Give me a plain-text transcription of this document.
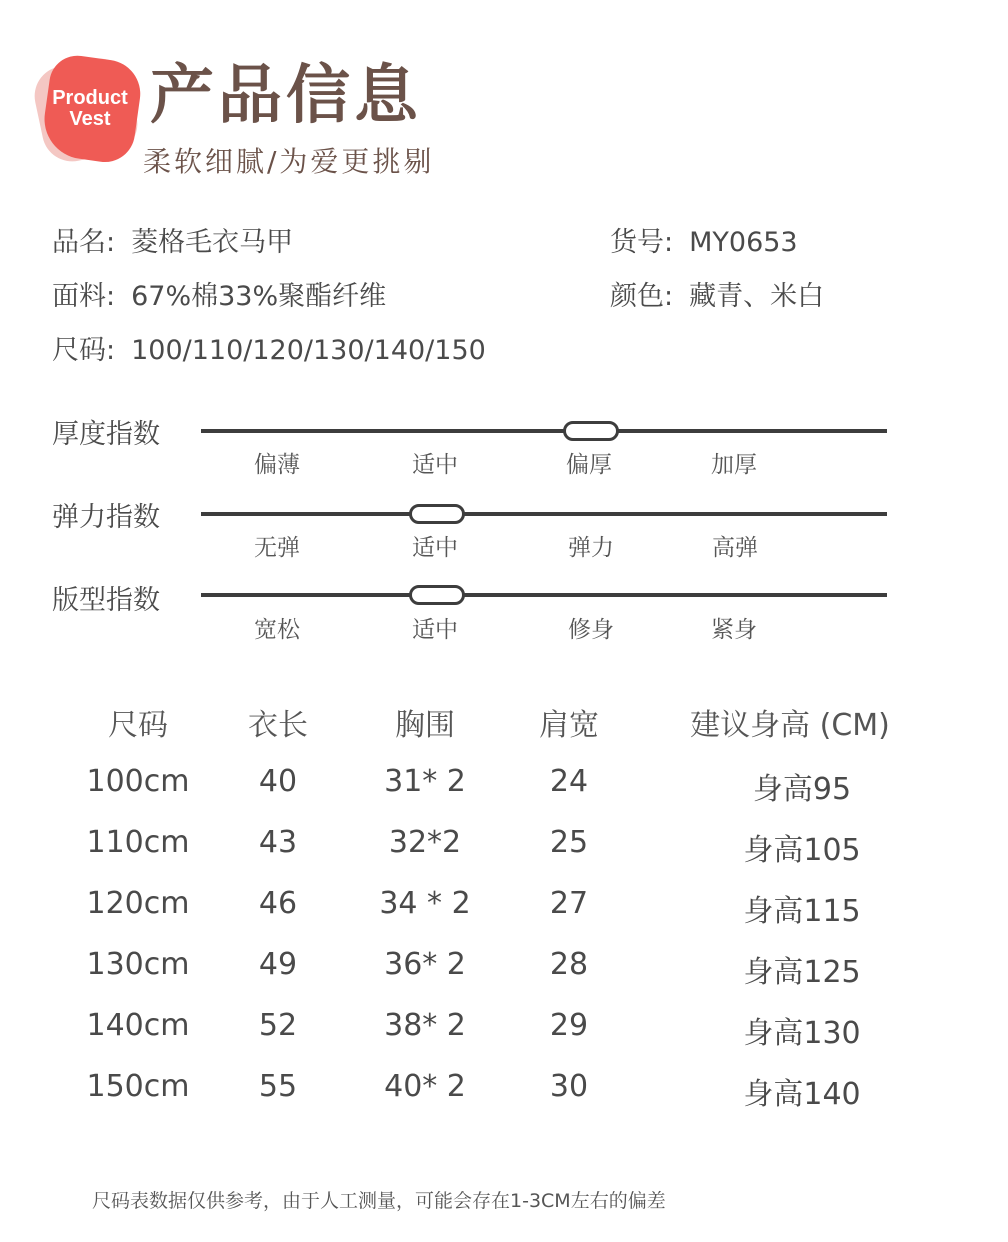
Product
Vest 产品信息
柔软细腻/为爱更挑剔
品名: 菱格毛衣马甲	货号: MY0653
面料: 67%棉33%聚酯纤维	颜色: 藏青、米白
尺码: 100/110/120/130/140/150
厚度指数
偏薄	适中	偏厚	加厚
弹力指数
无弹	适中	弹力	高弹
版型指数
宽松	适中	修身	紧身
尺码	衣长	胸围	肩宽	建议身高 (CM)
100cm 40	31* 2	24	身高95
110cm 43	32*2	25	身高105
120cm 46	34 * 2	27	身高115
130cm 49	36* 2	28	身高125
140cm 52	38* 2	29	身高130
150cm 55	40* 2	30	身高140
尺码表数据仅供参考，由于人工测量，可能会存在1-3CM左右的偏差
